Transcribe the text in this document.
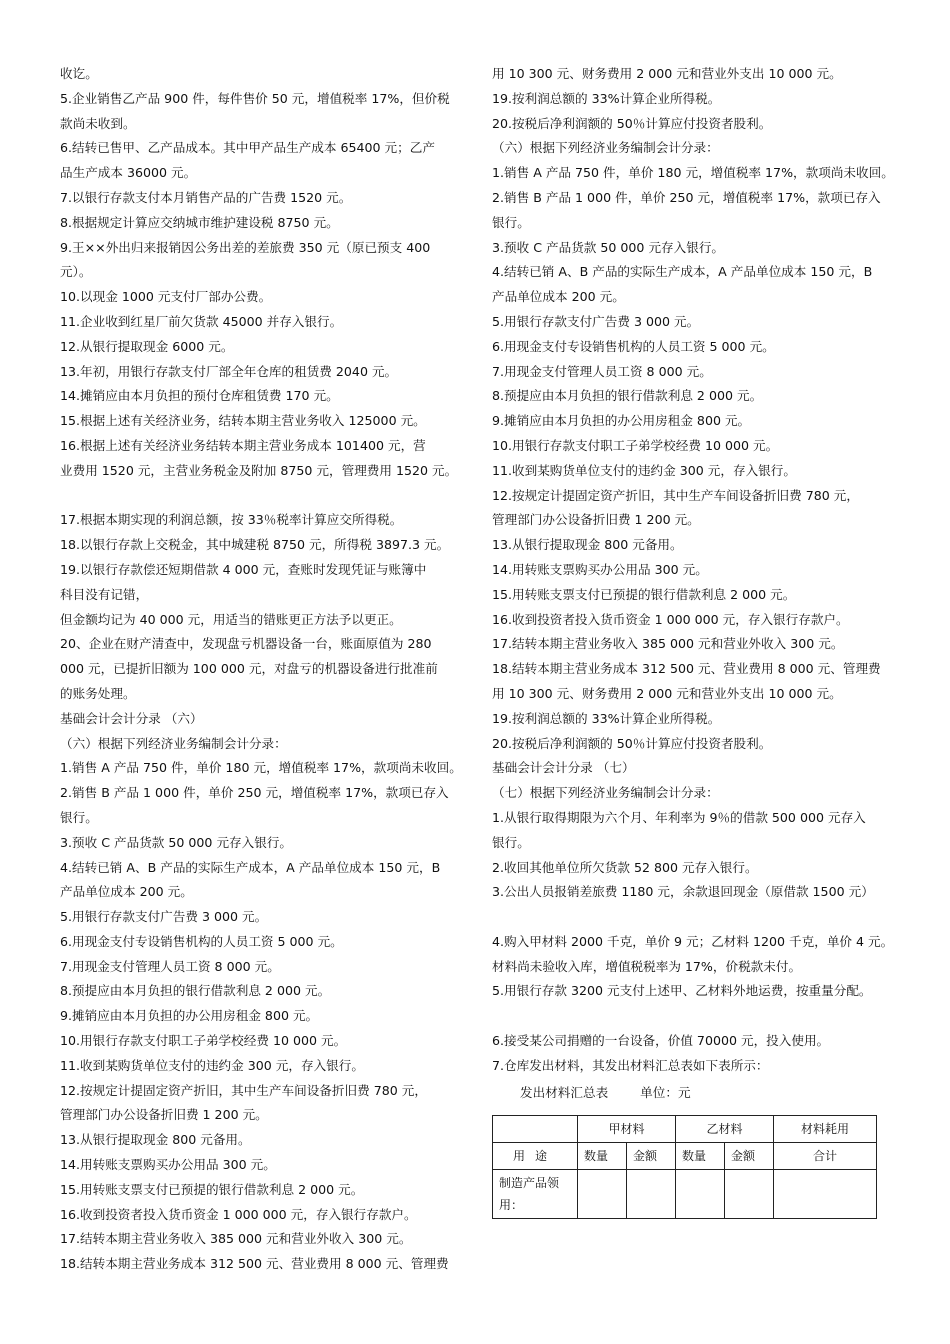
收讫。
5.企业销售乙产品 900 件，每件售价 50 元，增值税率 17%，但价税
款尚未收到。
6.结转已售甲、乙产品成本。其中甲产品生产成本 65400 元；乙产
品生产成本 36000 元。
7.以银行存款支付本月销售产品的广告费 1520 元。
8.根据规定计算应交纳城市维护建设税 8750 元。
9.王××外出归来报销因公务出差的差旅费 350 元（原已预支 400
元）。
10.以现金 1000 元支付厂部办公费。
11.企业收到红星厂前欠货款 45000 并存入银行。
12.从银行提取现金 6000 元。
13.年初，用银行存款支付厂部全年仓库的租赁费 2040 元。
14.摊销应由本月负担的预付仓库租赁费 170 元。
15.根据上述有关经济业务，结转本期主营业务收入 125000 元。
16.根据上述有关经济业务结转本期主营业务成本 101400 元，营
业费用 1520 元，主营业务税金及附加 8750 元，管理费用 1520 元。
17.根据本期实现的利润总额，按 33％税率计算应交所得税。
18.以银行存款上交税金，其中城建税 8750 元，所得税 3897.3 元。
19.以银行存款偿还短期借款 4 000 元，查账时发现凭证与账簿中
科目没有记错，
但金额均记为 40 000 元，用适当的错账更正方法予以更正。
20、企业在财产清查中，发现盘亏机器设备一台，账面原值为 280
000 元，已提折旧额为 100 000 元，对盘亏的机器设备进行批准前
的账务处理。
基础会计会计分录 （六）
（六）根据下列经济业务编制会计分录：
1.销售 A 产品 750 件，单价 180 元，增值税率 17%，款项尚未收回。
2.销售 B 产品 1 000 件，单价 250 元，增值税率 17%，款项已存入
银行。
3.预收 C 产品货款 50 000 元存入银行。
4.结转已销 A、B 产品的实际生产成本，A 产品单位成本 150 元，B
产品单位成本 200 元。
5.用银行存款支付广告费 3 000 元。
6.用现金支付专设销售机构的人员工资 5 000 元。
7.用现金支付管理人员工资 8 000 元。
8.预提应由本月负担的银行借款利息 2 000 元。
9.摊销应由本月负担的办公用房租金 800 元。
10.用银行存款支付职工子弟学校经费 10 000 元。
11.收到某购货单位支付的违约金 300 元，存入银行。
12.按规定计提固定资产折旧，其中生产车间设备折旧费 780 元，
管理部门办公设备折旧费 1 200 元。
13.从银行提取现金 800 元备用。
14.用转账支票购买办公用品 300 元。
15.用转账支票支付已预提的银行借款利息 2 000 元。
16.收到投资者投入货币资金 1 000 000 元，存入银行存款户。
17.结转本期主营业务收入 385 000 元和营业外收入 300 元。
18.结转本期主营业务成本 312 500 元、营业费用 8 000 元、管理费
用 10 300 元、财务费用 2 000 元和营业外支出 10 000 元。
19.按利润总额的 33%计算企业所得税。
20.按税后净利润额的 50％计算应付投资者股利。
（六）根据下列经济业务编制会计分录：
1.销售 A 产品 750 件，单价 180 元，增值税率 17%，款项尚未收回。
2.销售 B 产品 1 000 件，单价 250 元，增值税率 17%，款项已存入
银行。
3.预收 C 产品货款 50 000 元存入银行。
4.结转已销 A、B 产品的实际生产成本，A 产品单位成本 150 元，B
产品单位成本 200 元。
5.用银行存款支付广告费 3 000 元。
6.用现金支付专设销售机构的人员工资 5 000 元。
7.用现金支付管理人员工资 8 000 元。
8.预提应由本月负担的银行借款利息 2 000 元。
9.摊销应由本月负担的办公用房租金 800 元。
10.用银行存款支付职工子弟学校经费 10 000 元。
11.收到某购货单位支付的违约金 300 元，存入银行。
12.按规定计提固定资产折旧，其中生产车间设备折旧费 780 元，
管理部门办公设备折旧费 1 200 元。
13.从银行提取现金 800 元备用。
14.用转账支票购买办公用品 300 元。
15.用转账支票支付已预提的银行借款利息 2 000 元。
16.收到投资者投入货币资金 1 000 000 元，存入银行存款户。
17.结转本期主营业务收入 385 000 元和营业外收入 300 元。
18.结转本期主营业务成本 312 500 元、营业费用 8 000 元、管理费
用 10 300 元、财务费用 2 000 元和营业外支出 10 000 元。
19.按利润总额的 33%计算企业所得税。
20.按税后净利润额的 50％计算应付投资者股利。
基础会计会计分录 （七）
（七）根据下列经济业务编制会计分录：
1.从银行取得期限为六个月、年利率为 9％的借款 500 000 元存入
银行。
2.收回其他单位所欠货款 52 800 元存入银行。
3.公出人员报销差旅费 1180 元，余款退回现金（原借款 1500 元）
4.购入甲材料 2000 千克，单价 9 元；乙材料 1200 千克，单价 4 元。
材料尚未验收入库，增值税税率为 17%，价税款未付。
5.用银行存款 3200 元支付上述甲、乙材料外地运费，按重量分配。
6.接受某公司捐赠的一台设备，价值 70000 元，投入使用。
7.仓库发出材料，其发出材料汇总表如下表所示：
发出材料汇总表        单位：元
	甲材料		乙材料		材料耗用
用途	数量	金额	数量	金额	合计
制造产品领用：					
